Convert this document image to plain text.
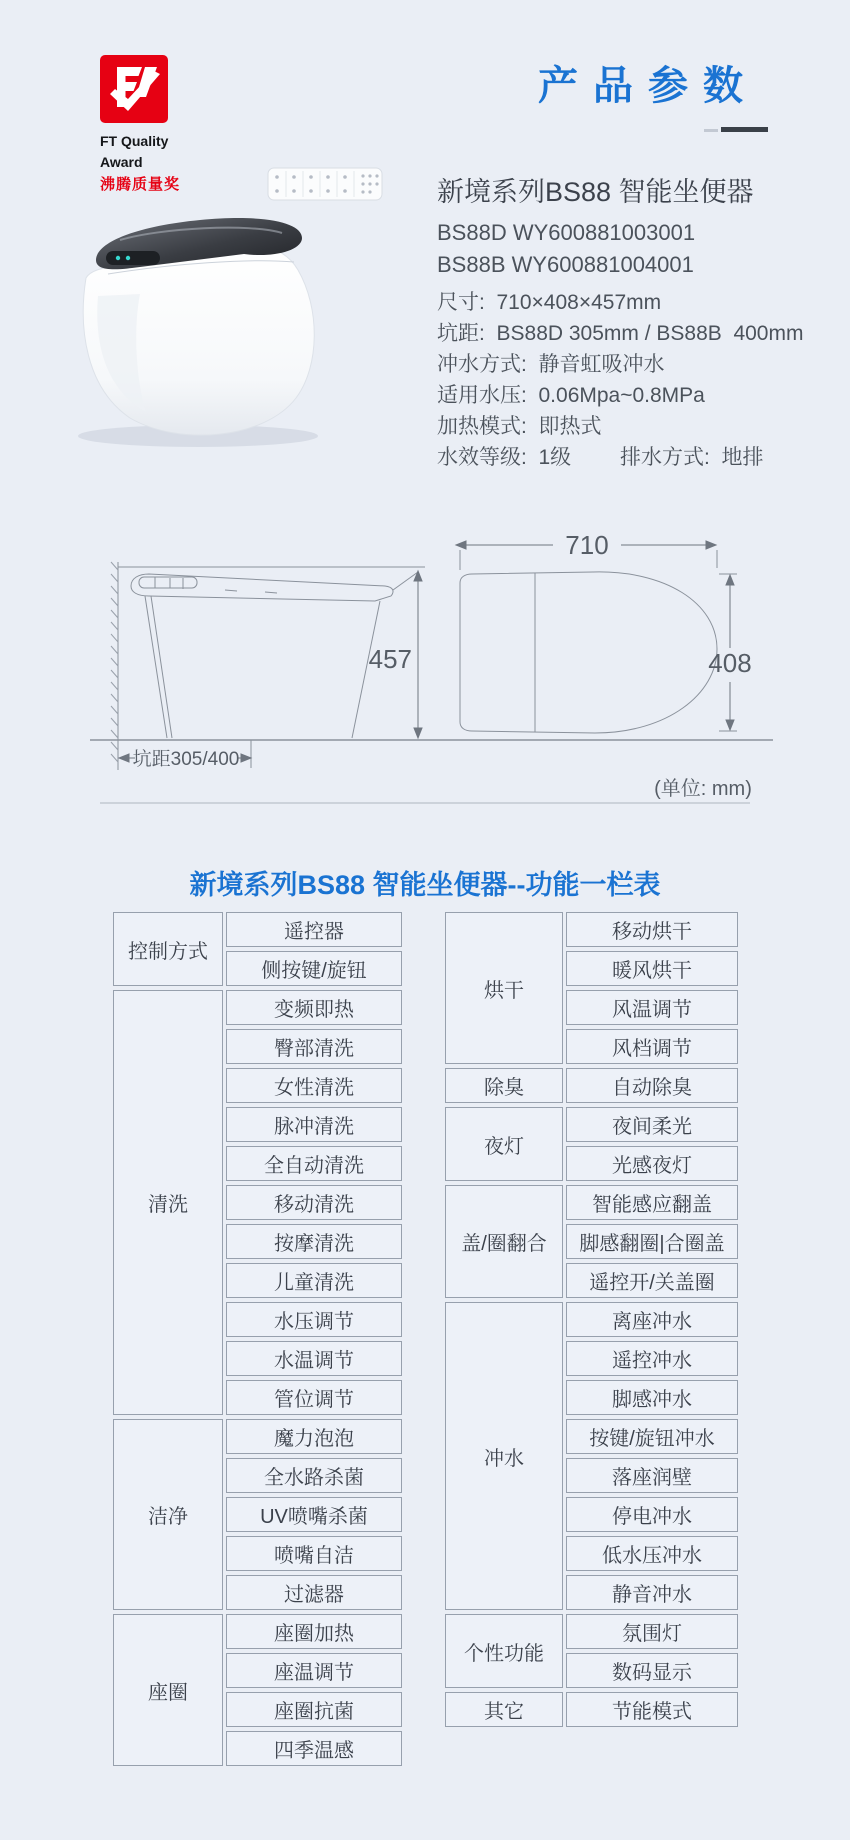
FT Quality
Award
沸腾质量奖
产品参数
新境系列BS88 智能坐便器
BS88D WY600881003001
BS88B WY600881004001
尺寸:  710×408×457mm
坑距:  BS88D 305mm / BS88B  400mm
冲水方式:  静音虹吸冲水
适用水压:  0.06Mpa~0.8MPa
加热模式:  即热式
水效等级:  1级 排水方式:  地排
710
457	408
坑距305/400
(单位: mm)
新境系列BS88 智能坐便器--功能一栏表
控制方式	遥控器
	侧按键/旋钮
清洗	变频即热
	臀部清洗
	女性清洗
	脉冲清洗
	全自动清洗
	移动清洗
	按摩清洗
	儿童清洗
	水压调节
	水温调节
	管位调节
洁净	魔力泡泡
	全水路杀菌
	UV喷嘴杀菌
	喷嘴自洁
	过滤器
座圈	座圈加热
	座温调节
	座圈抗菌
	四季温感
烘干	移动烘干
	暖风烘干
	风温调节
	风档调节
除臭	自动除臭
夜灯	夜间柔光
	光感夜灯
盖/圈翻合	智能感应翻盖
	脚感翻圈|合圈盖
	遥控开/关盖圈
冲水	离座冲水
	遥控冲水
	脚感冲水
	按键/旋钮冲水
	落座润壁
	停电冲水
	低水压冲水
	静音冲水
个性功能	氛围灯
	数码显示
其它	节能模式
